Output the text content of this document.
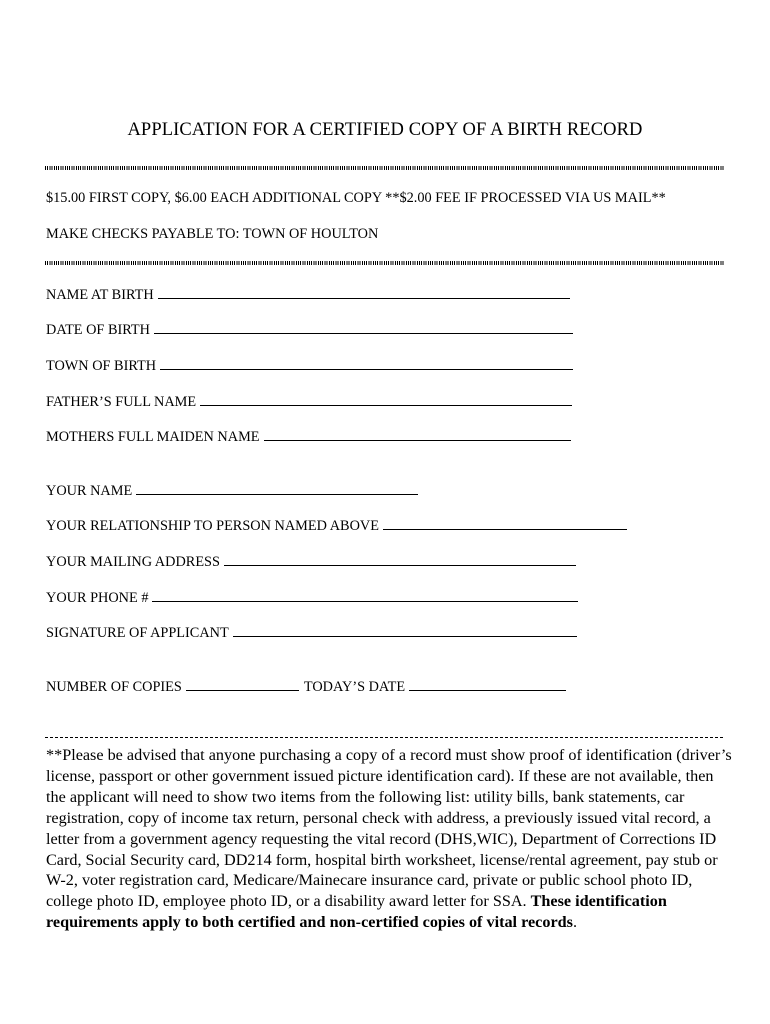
APPLICATION FOR A CERTIFIED COPY OF A BIRTH RECORD
$15.00 FIRST COPY, $6.00 EACH ADDITIONAL COPY **$2.00 FEE IF PROCESSED VIA US MAIL**
MAKE CHECKS PAYABLE TO: TOWN OF HOULTON
NAME AT BIRTH
DATE OF BIRTH
TOWN OF BIRTH
FATHER’S FULL NAME
MOTHERS FULL MAIDEN NAME
YOUR NAME
YOUR RELATIONSHIP TO PERSON NAMED ABOVE
YOUR MAILING ADDRESS
YOUR PHONE #
SIGNATURE OF APPLICANT
NUMBER OF COPIES	TODAY’S DATE
**Please be advised that anyone purchasing a copy of a record must show proof of identification (driver’s license, passport or other government issued picture identification card). If these are not available, then the applicant will need to show two items from the following list: utility bills, bank statements, car registration, copy of income tax return, personal check with address, a previously issued vital record, a letter from a government agency requesting the vital record (DHS,WIC), Department of Corrections ID Card, Social Security card, DD214 form, hospital birth worksheet, license/rental agreement, pay stub or W-2, voter registration card, Medicare/Mainecare insurance card, private or public school photo ID, college photo ID, employee photo ID, or a disability award letter for SSA. These identification requirements apply to both certified and non-certified copies of vital records.
